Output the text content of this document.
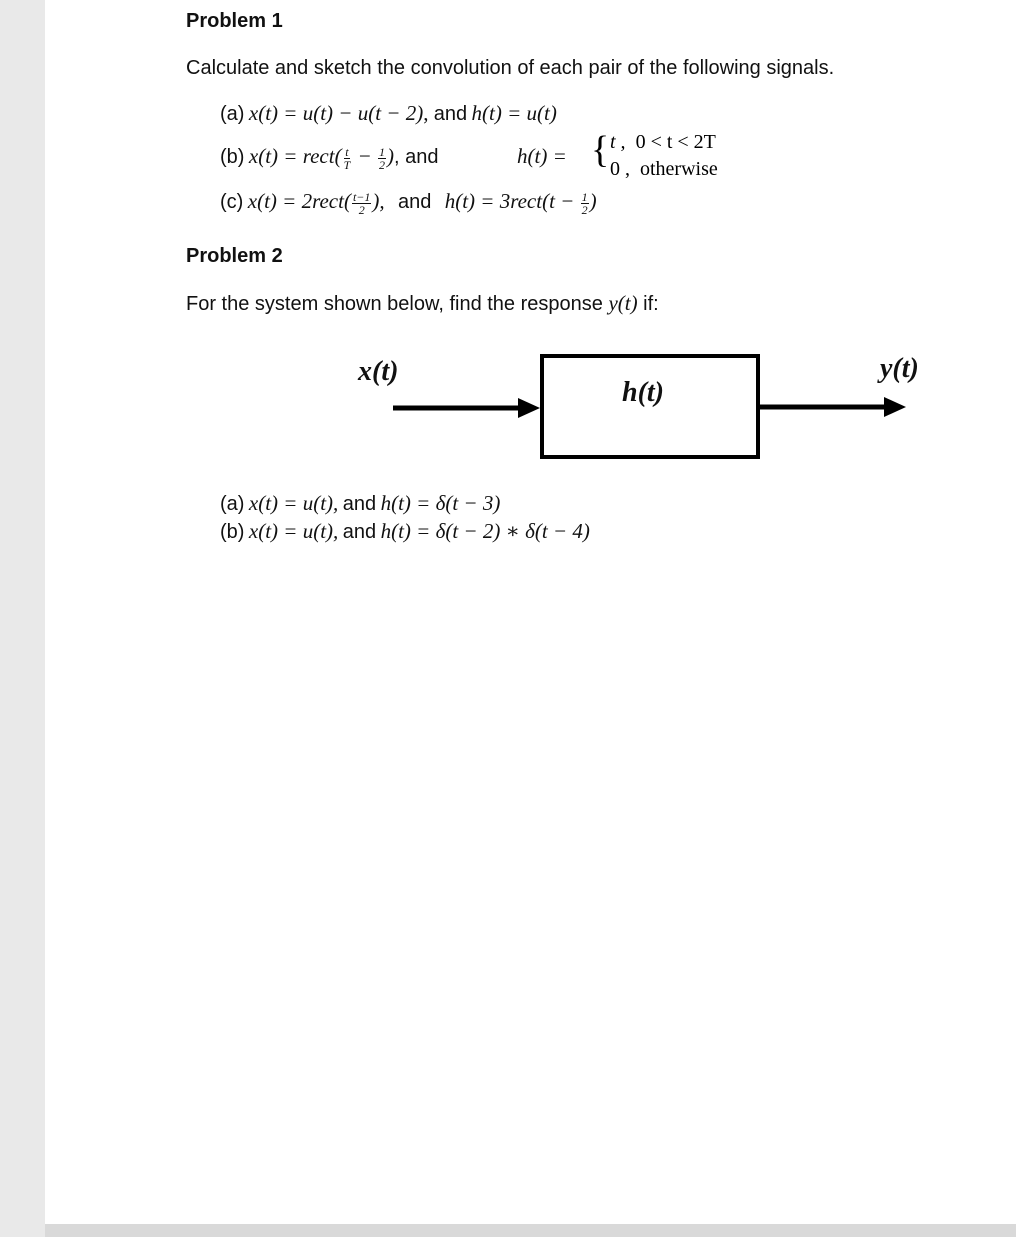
Problem 1
Calculate and sketch the convolution of each pair of the following signals.
(a) x(t) = u(t) − u(t − 2), and h(t) = u(t)
(b) x(t) = rect( $\frac{t}{T} - \frac{1}{2}$ ), and	h(t) = { t , 0 < t < 2T
0 , otherwise
(c) x(t) = 2rect( $\frac{t-1}{2}$ ), and h(t) = 3rect(t − $\frac{1}{2}$ )
Problem 2
For the system shown below, find the response y(t) if:
x(t)
h(t)
y(t)
(a) x(t) = u(t), and h(t) = δ(t − 3)
(b) x(t) = u(t), and h(t) = δ(t − 2) ∗ δ(t − 4)
